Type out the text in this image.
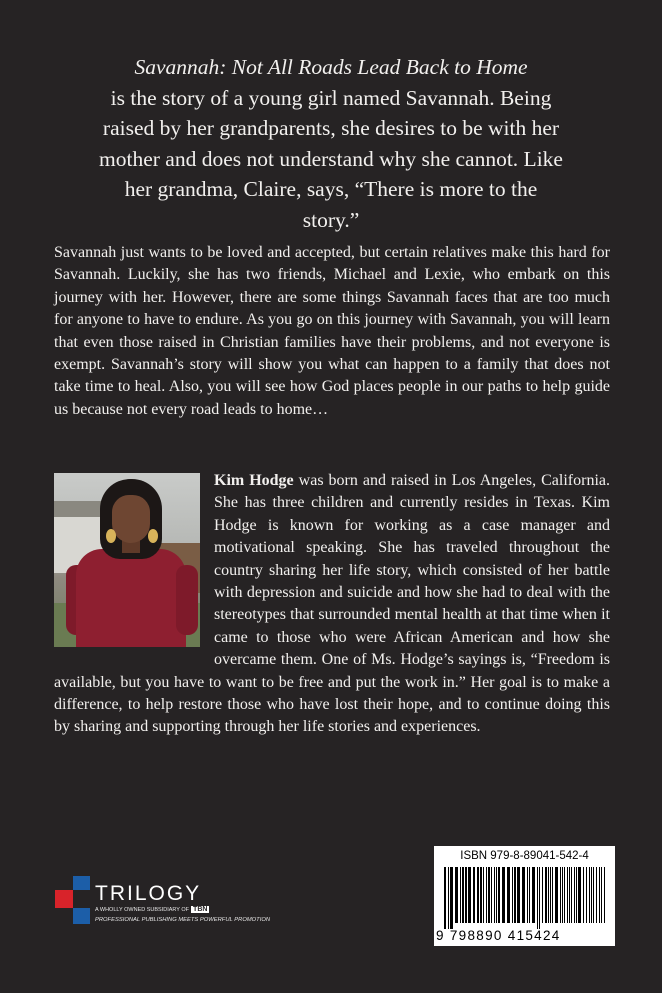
Savannah: Not All Roads Lead Back to Home
is the story of a young girl named Savannah. Being raised by her grandparents, she desires to be with her mother and does not understand why she cannot. Like her grandma, Claire, says, “There is more to the story.”
Savannah just wants to be loved and accepted, but certain relatives make this hard for Savannah. Luckily, she has two friends, Michael and Lexie, who embark on this journey with her. However, there are some things Savannah faces that are too much for anyone to have to endure. As you go on this journey with Savannah, you will learn that even those raised in Christian families have their problems, and not everyone is exempt. Savannah’s story will show you what can happen to a family that does not take time to heal. Also, you will see how God places people in our paths to help guide us because not every road leads to home…
Kim Hodge was born and raised in Los Angeles, California. She has three children and currently resides in Texas. Kim Hodge is known for working as a case manager and motivational speaking. She has traveled throughout the country sharing her life story, which consisted of her battle with depression and suicide and how she had to deal with the stereotypes that surrounded mental health at that time when it came to those who were African American and how she overcame them. One of Ms. Hodge’s sayings is, “Freedom is available, but you have to want to be free and put the work in.” Her goal is to make a difference, to help restore those who have lost their hope, and to continue doing this by sharing and supporting through her life stories and experiences.
TRILOGY
A WHOLLY OWNED SUBSIDIARY OF TBN
PROFESSIONAL PUBLISHING MEETS POWERFUL PROMOTION
ISBN 979-8-89041-542-4
9 798890 415424
